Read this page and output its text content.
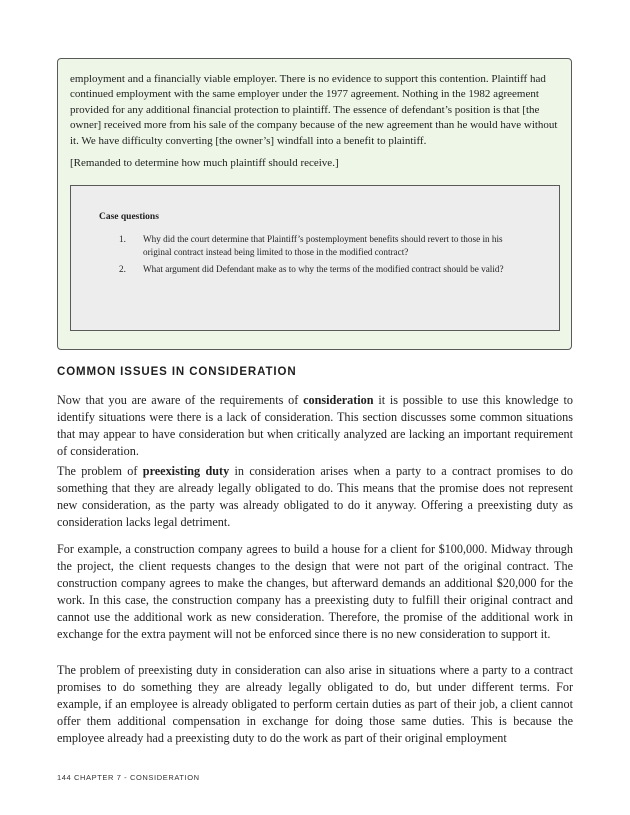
employment and a financially viable employer. There is no evidence to support this contention. Plaintiff had continued employment with the same employer under the 1977 agreement. Nothing in the 1982 agreement provided for any additional financial protection to plaintiff. The essence of defendant’s position is that [the owner] received more from his sale of the company because of the new agreement than he would have without it. We have difficulty converting [the owner’s] windfall into a benefit to plaintiff.

[Remanded to determine how much plaintiff should receive.]

Case questions
1. Why did the court determine that Plaintiff’s postemployment benefits should revert to those in his original contract instead being limited to those in the modified contract?
2. What argument did Defendant make as to why the terms of the modified contract should be valid?
COMMON ISSUES IN CONSIDERATION

Now that you are aware of the requirements of consideration it is possible to use this knowledge to identify situations were there is a lack of consideration. This section discusses some common situations that may appear to have consideration but when critically analyzed are lacking an important requirement of consideration.

The problem of preexisting duty in consideration arises when a party to a contract promises to do something that they are already legally obligated to do. This means that the promise does not represent new consideration, as the party was already obligated to do it anyway. Offering a preexisting duty as consideration lacks legal detriment.

For example, a construction company agrees to build a house for a client for $100,000. Midway through the project, the client requests changes to the design that were not part of the original contract. The construction company agrees to make the changes, but afterward demands an additional $20,000 for the work. In this case, the construction company has a preexisting duty to fulfill their original contract and cannot use the additional work as new consideration. Therefore, the promise of the additional work in exchange for the extra payment will not be enforced since there is no new consideration to support it.

The problem of preexisting duty in consideration can also arise in situations where a party to a contract promises to do something they are already legally obligated to do, but under different terms. For example, if an employee is already obligated to perform certain duties as part of their job, a client cannot offer them additional compensation in exchange for doing those same duties. This is because the employee already had a preexisting duty to do the work as part of their original employment

144 CHAPTER 7 - CONSIDERATION
